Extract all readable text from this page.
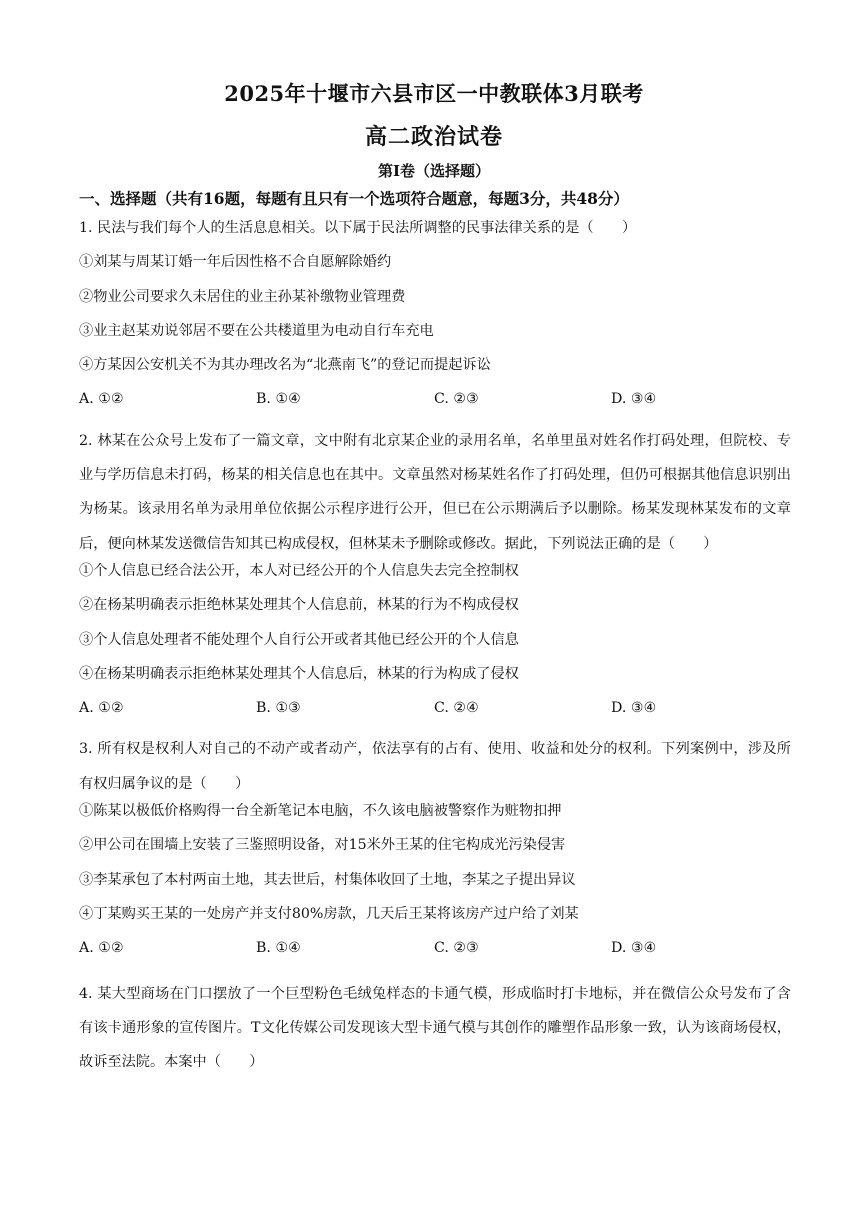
2025年十堰市六县市区一中教联体3月联考
高二政治试卷
第Ⅰ卷（选择题）
一、选择题（共有16题，每题有且只有一个选项符合题意，每题3分，共48分）
1. 民法与我们每个人的生活息息相关。以下属于民法所调整的民事法律关系的是（　　）
①刘某与周某订婚一年后因性格不合自愿解除婚约
②物业公司要求久未居住的业主孙某补缴物业管理费
③业主赵某劝说邻居不要在公共楼道里为电动自行车充电
④方某因公安机关不为其办理改名为“北燕南飞”的登记而提起诉讼
A. ①②	B. ①④	C. ②③	D. ③④

2. 林某在公众号上发布了一篇文章，文中附有北京某企业的录用名单，名单里虽对姓名作打码处理，但院校、专业与学历信息未打码，杨某的相关信息也在其中。文章虽然对杨某姓名作了打码处理，但仍可根据其他信息识别出为杨某。该录用名单为录用单位依据公示程序进行公开，但已在公示期满后予以删除。杨某发现林某发布的文章后，便向林某发送微信告知其已构成侵权，但林某未予删除或修改。据此，下列说法正确的是（　　）

①个人信息已经合法公开，本人对已经公开的个人信息失去完全控制权
②在杨某明确表示拒绝林某处理其个人信息前，林某的行为不构成侵权
③个人信息处理者不能处理个人自行公开或者其他已经公开的个人信息
④在杨某明确表示拒绝林某处理其个人信息后，林某的行为构成了侵权
A. ①②	B. ①③	C. ②④	D. ③④

3. 所有权是权利人对自己的不动产或者动产，依法享有的占有、使用、收益和处分的权利。下列案例中，涉及所有权归属争议的是（　　）

①陈某以极低价格购得一台全新笔记本电脑，不久该电脑被警察作为赃物扣押
②甲公司在围墙上安装了三鉴照明设备，对15米外王某的住宅构成光污染侵害
③李某承包了本村两亩土地，其去世后，村集体收回了土地，李某之子提出异议
④丁某购买王某的一处房产并支付80%房款，几天后王某将该房产过户给了刘某
A. ①②	B. ①④	C. ②③	D. ③④

4. 某大型商场在门口摆放了一个巨型粉色毛绒兔样态的卡通气模，形成临时打卡地标，并在微信公众号发布了含有该卡通形象的宣传图片。T文化传媒公司发现该大型卡通气模与其创作的雕塑作品形象一致，认为该商场侵权，故诉至法院。本案中（　　）
